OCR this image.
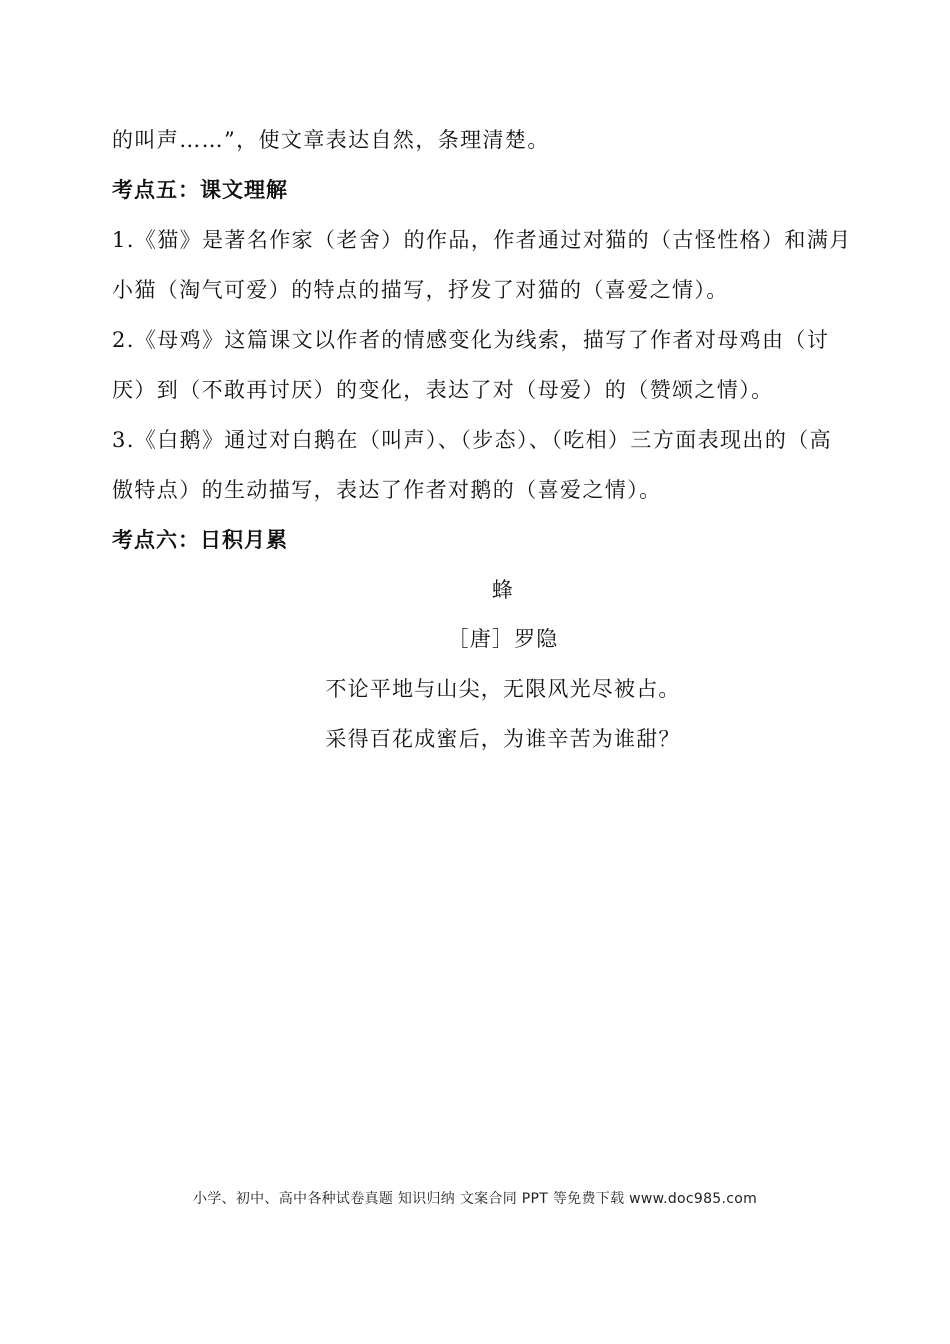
的叫声……”，使文章表达自然，条理清楚。

考点五：课文理解

1.《猫》是著名作家（老舍）的作品，作者通过对猫的（古怪性格）和满月小猫（淘气可爱）的特点的描写，抒发了对猫的（喜爱之情）。

2.《母鸡》这篇课文以作者的情感变化为线索，描写了作者对母鸡由（讨厌）到（不敢再讨厌）的变化，表达了对（母爱）的（赞颂之情）。

3.《白鹅》通过对白鹅在（叫声）、（步态）、（吃相）三方面表现出的（高傲特点）的生动描写，表达了作者对鹅的（喜爱之情）。

考点六：日积月累

蜂

［唐］罗隐

不论平地与山尖，无限风光尽被占。

采得百花成蜜后，为谁辛苦为谁甜？

小学、初中、高中各种试卷真题 知识归纳 文案合同 PPT 等免费下载 www.doc985.com
